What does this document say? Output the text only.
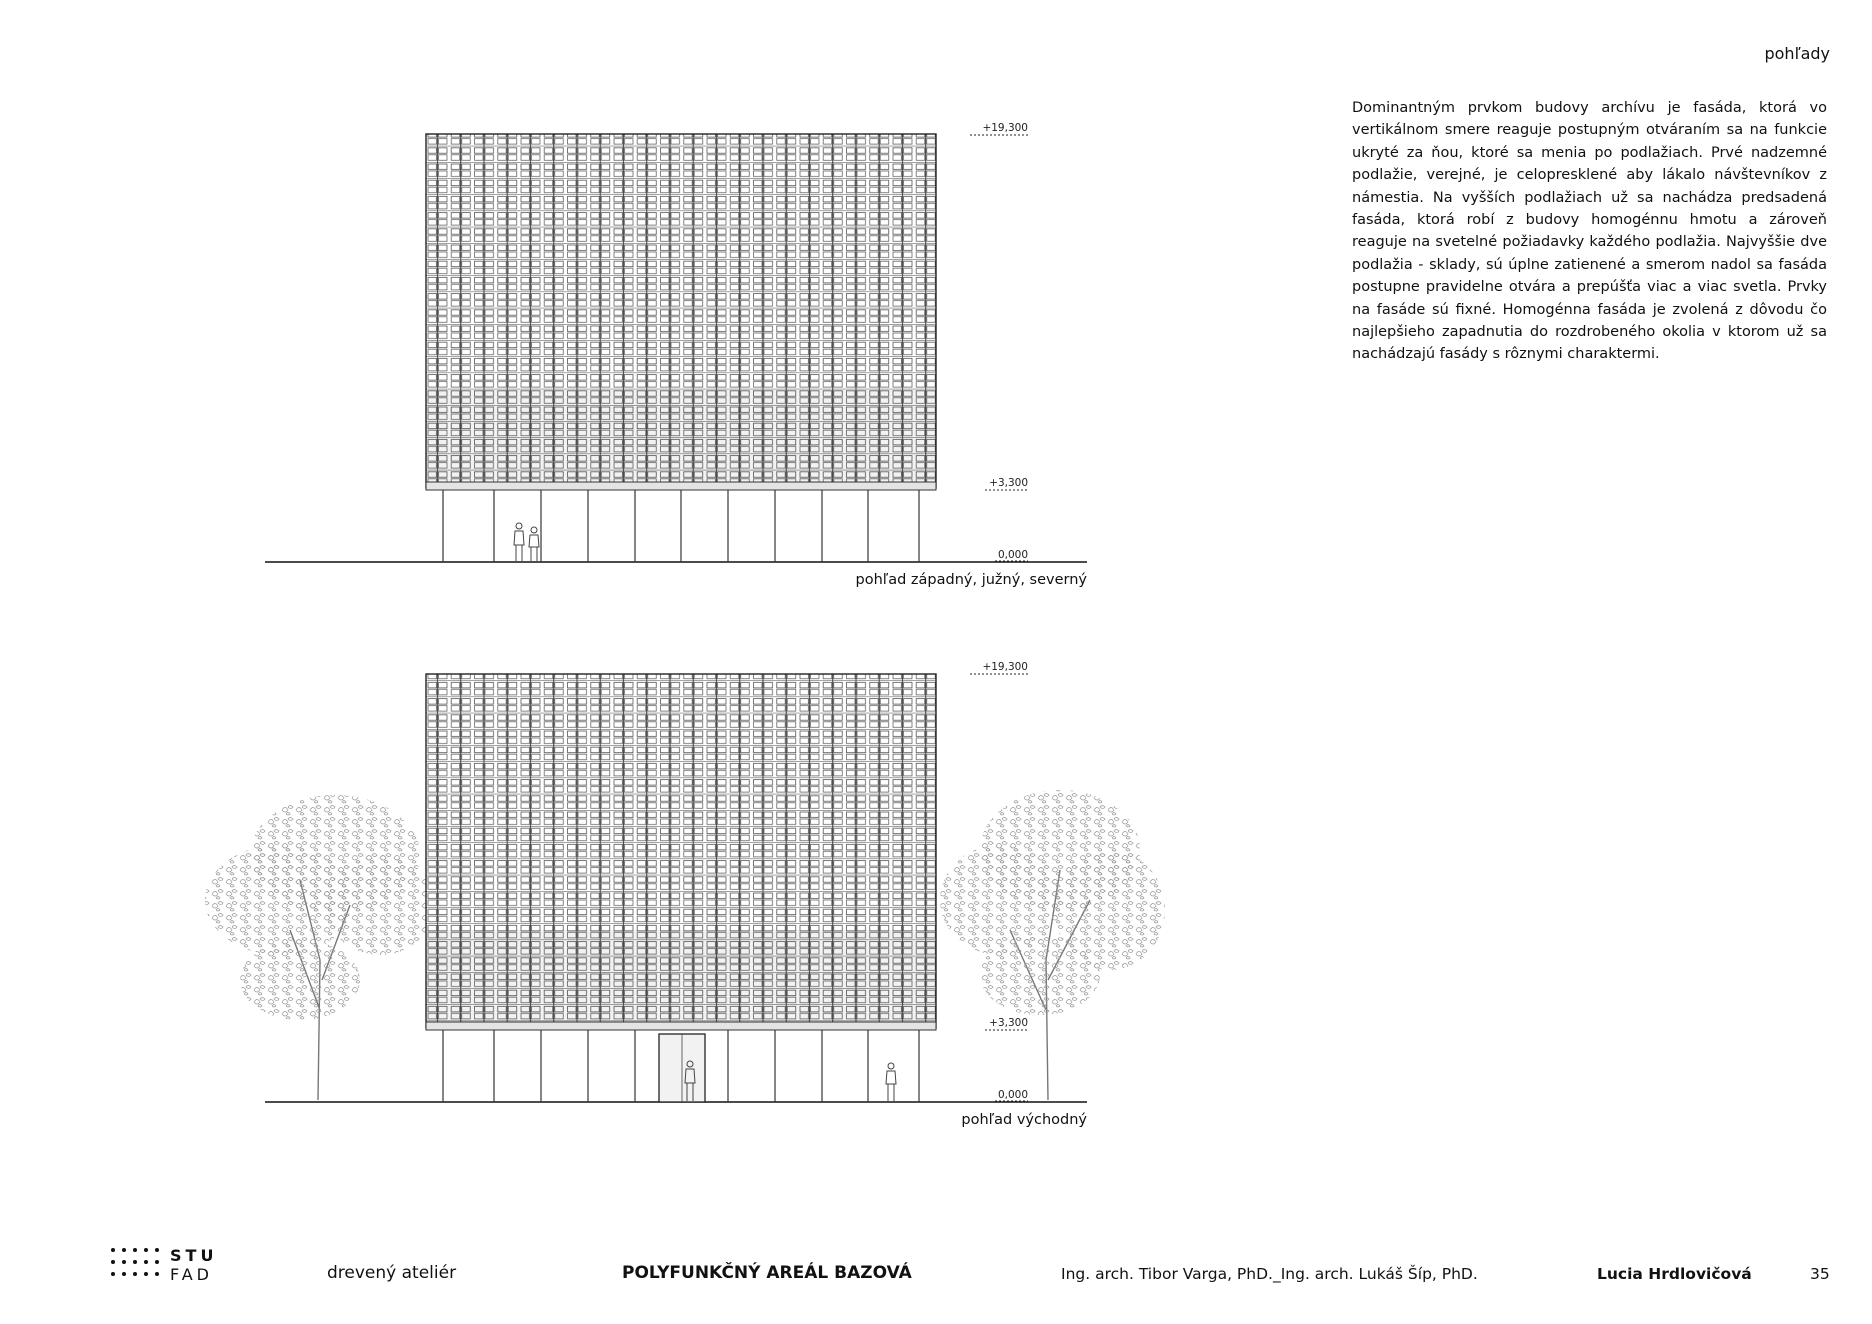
pohľady

Dominantným prvkom budovy archívu je fasáda, ktorá vo vertikálnom smere reaguje postupným otváraním sa na funkcie ukryté za ňou, ktoré sa menia po podlažiach. Prvé nadzemné podlažie, verejné, je celopresklené aby lákalo návštevníkov z námestia. Na vyšších podlažiach už sa nachádza predsadená fasáda, ktorá robí z budovy homogénnu hmotu a zároveň reaguje na svetelné požiadavky každého podlažia. Najvyššie dve podlažia - sklady, sú úplne zatienené a smerom nadol sa fasáda postupne pravidelne otvára a prepúšťa viac a viac svetla. Prvky na fasáde sú fixné. Homogénna fasáda je zvolená z dôvodu čo najlepšieho zapadnutia do rozdrobeného okolia v ktorom už sa nachádzajú fasády s rôznymi charaktermi.

+19,300
+3,300
0,000
+19,300
+3,300
0,000
pohľad západný, južný, severný
pohľad východný
STU
FAD	drevený ateliér	POLYFUNKČNÝ AREÁL BAZOVÁ	Ing. arch. Tibor Varga, PhD._Ing. arch. Lukáš Šíp, PhD.	Lucia Hrdlovičová	35
